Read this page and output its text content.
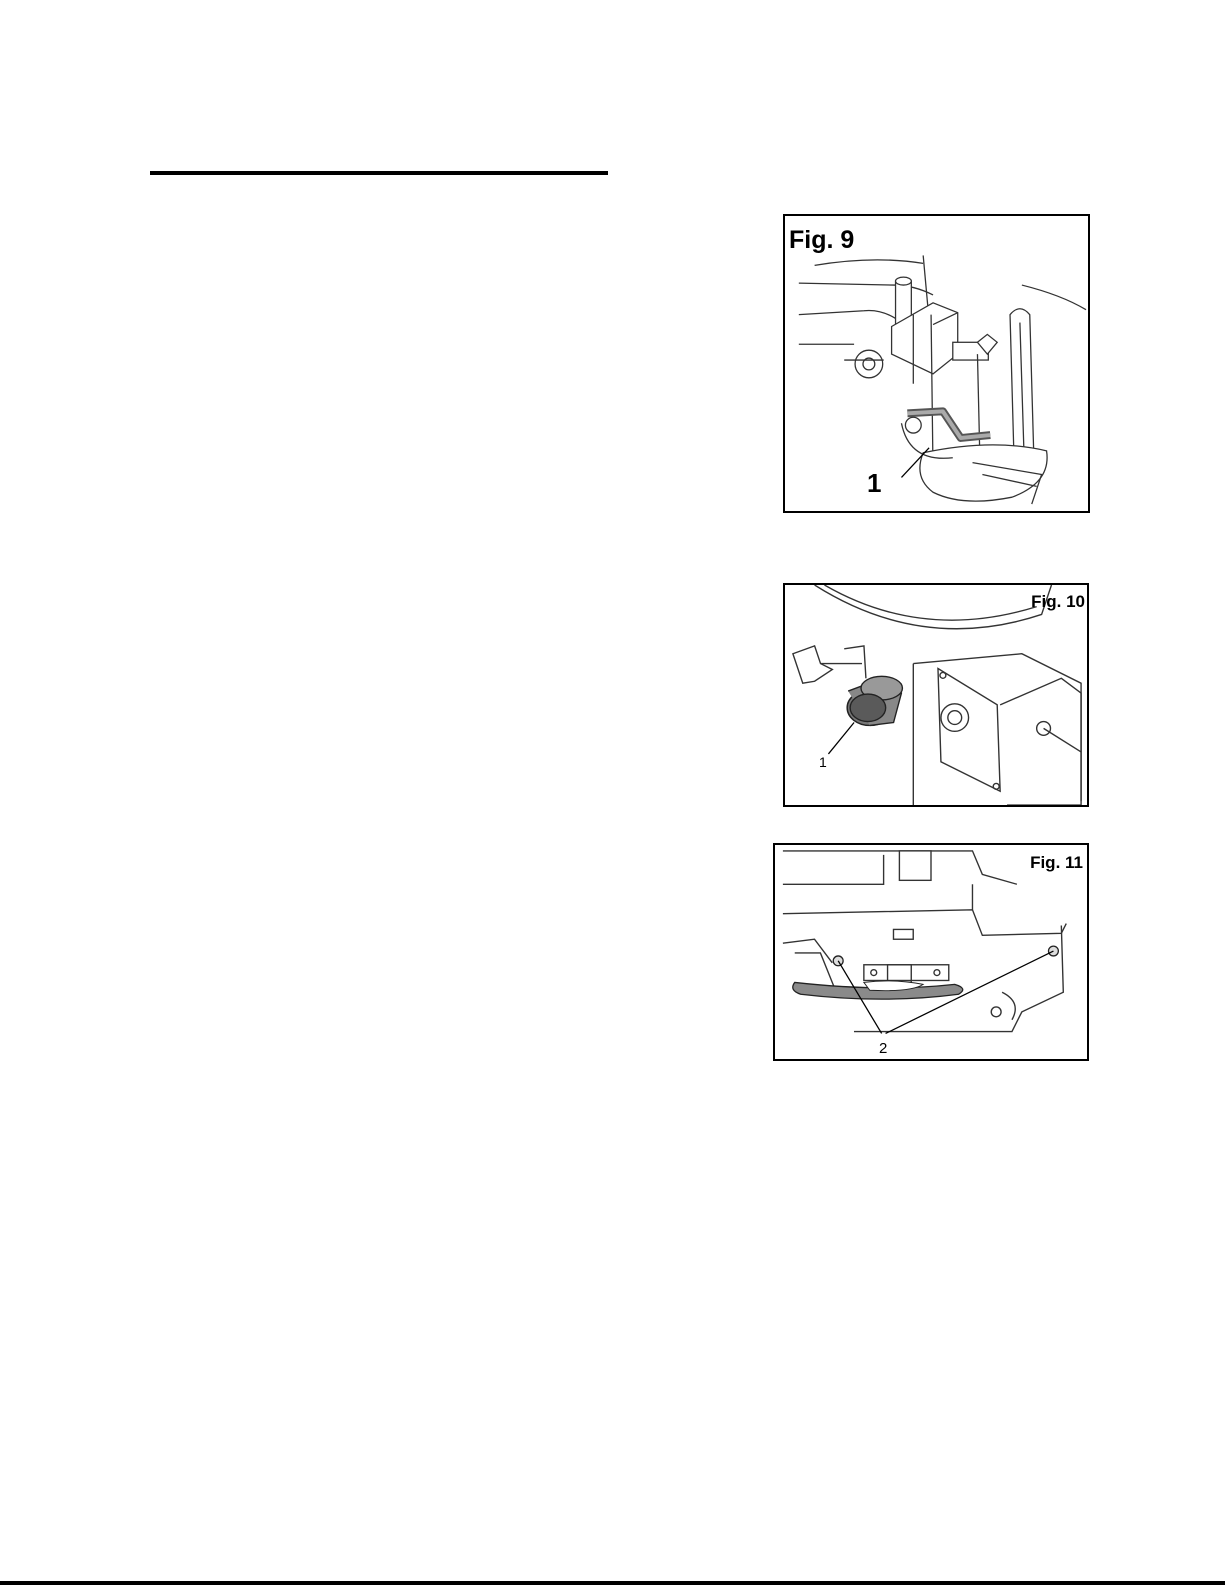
Fig. 9
1
Fig. 10
1
Fig. 11
2
